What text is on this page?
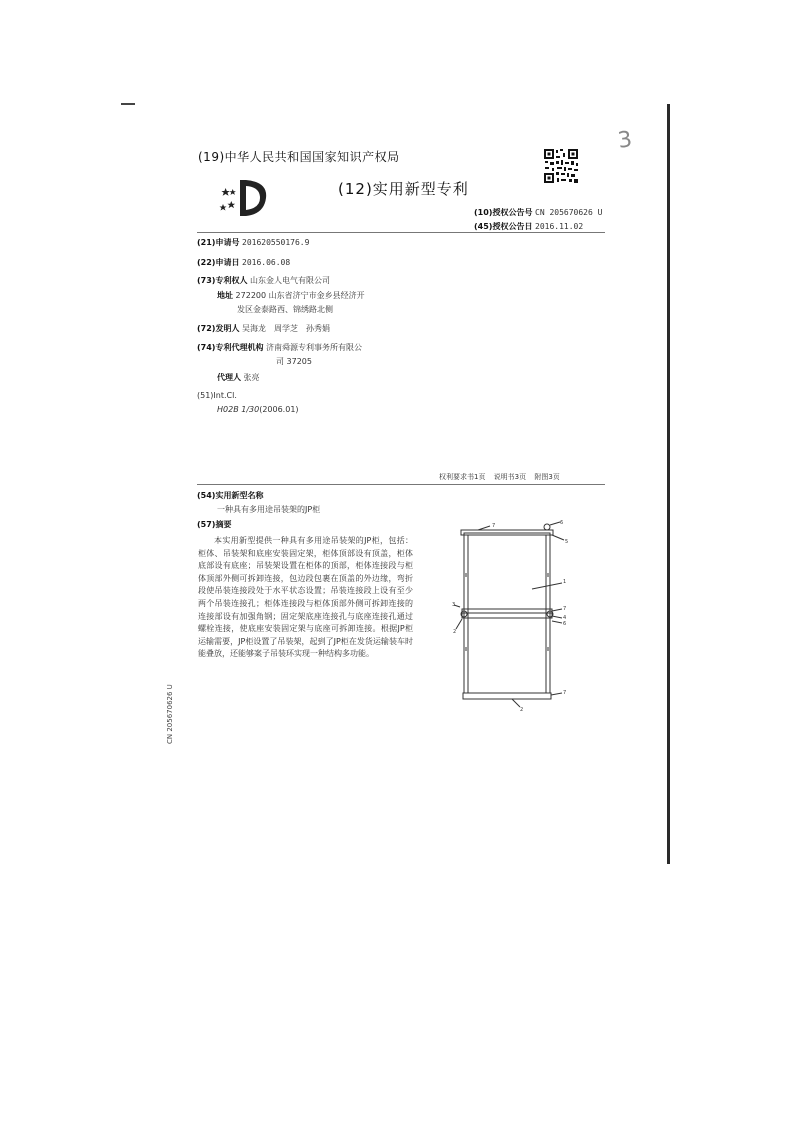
3
(19)中华人民共和国国家知识产权局
(12)实用新型专利
(10)授权公告号 CN 205670626 U
(45)授权公告日 2016.11.02
(21)申请号 201620550176.9
(22)申请日 2016.06.08
(73)专利权人 山东金人电气有限公司
地址 272200 山东省济宁市金乡县经济开
发区金泰路西、锦绣路北侧
(72)发明人 吴海龙　周学芝　孙秀娟
(74)专利代理机构 济南舜源专利事务所有限公
司 37205
代理人 张亮
(51)Int.Cl.
H02B 1/30(2006.01)
权利要求书1页 说明书3页 附图3页
(54)实用新型名称
一种具有多用途吊装架的JP柜
(57)摘要

本实用新型提供一种具有多用途吊装架的JP柜，包括：柜体、吊装架和底座安装固定架，柜体顶部设有顶盖，柜体底部设有底座；吊装架设置在柜体的顶部，柜体连接段与柜体顶部外侧可拆卸连接，包边段包裹在顶盖的外边缘，弯折段使吊装连接段处于水平状态设置；吊装连接段上设有至少两个吊装连接孔；柜体连接段与柜体顶部外侧可拆卸连接的连接部设有加强角钢；固定架底座连接孔与底座连接孔通过螺栓连接，使底座安装固定架与底座可拆卸连接。根据JP柜运输需要，JP柜设置了吊装架，起到了JP柜在发货运输装车时能叠放，还能够案子吊装环实现一种结构多功能。

CN 205670626 U
7	6
5
1
3
7
4
6
2
7
2
